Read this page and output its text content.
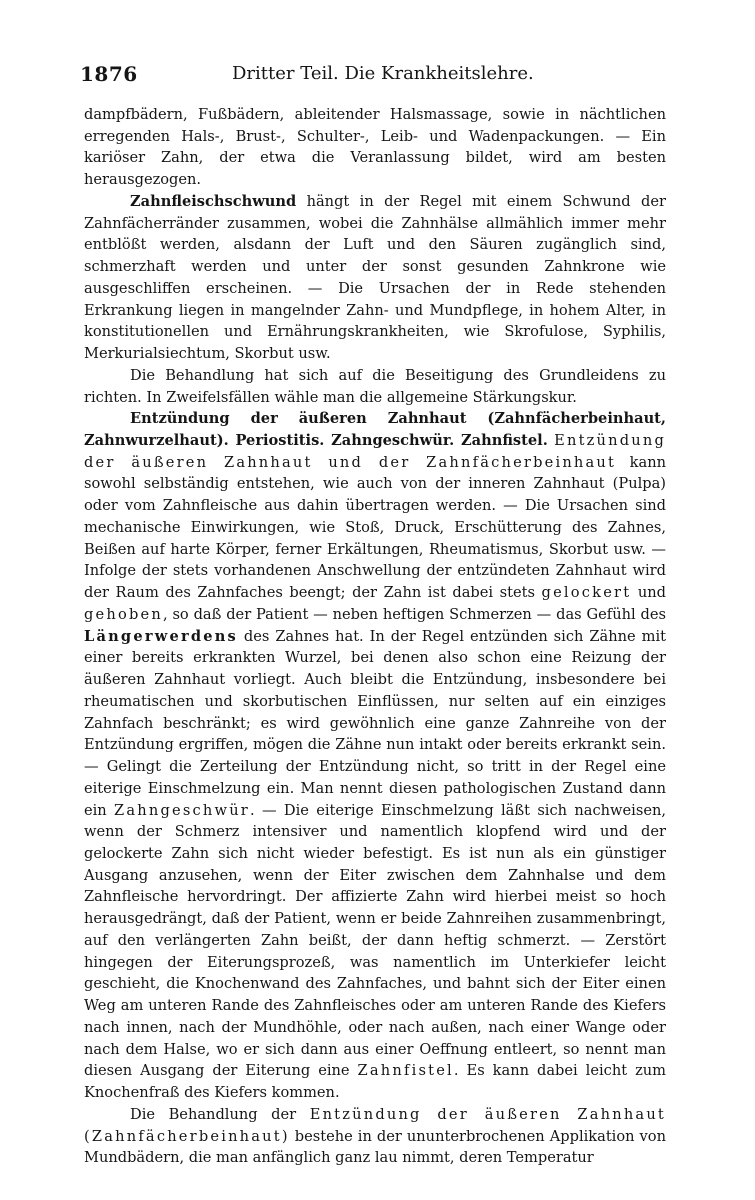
1876	Dritter Teil. Die Krankheitslehre.

dampfbädern, Fußbädern, ableitender Halsmassage, sowie in nächtlichen erregenden Hals-, Brust-, Schulter-, Leib- und Wadenpackungen. — Ein kariöser Zahn, der etwa die Veranlassung bildet, wird am besten herausgezogen.

Zahnfleischschwund hängt in der Regel mit einem Schwund der Zahnfächerränder zusammen, wobei die Zahnhälse allmählich immer mehr entblößt werden, alsdann der Luft und den Säuren zugänglich sind, schmerzhaft werden und unter der sonst gesunden Zahnkrone wie ausgeschliffen erscheinen. — Die Ursachen der in Rede stehenden Erkrankung liegen in mangelnder Zahn- und Mundpflege, in hohem Alter, in konstitutionellen und Ernährungskrankheiten, wie Skrofulose, Syphilis, Merkurialsiechtum, Skorbut usw.

Die Behandlung hat sich auf die Beseitigung des Grundleidens zu richten. In Zweifelsfällen wähle man die allgemeine Stärkungskur.

Entzündung der äußeren Zahnhaut (Zahnfächerbeinhaut, Zahnwurzelhaut). Periostitis. Zahngeschwür. Zahnfistel. Entzündung der äußeren Zahnhaut und der Zahnfächerbeinhaut kann sowohl selbständig entstehen, wie auch von der inneren Zahnhaut (Pulpa) oder vom Zahnfleische aus dahin übertragen werden. — Die Ursachen sind mechanische Einwirkungen, wie Stoß, Druck, Erschütterung des Zahnes, Beißen auf harte Körper, ferner Erkältungen, Rheumatismus, Skorbut usw. — Infolge der stets vorhandenen Anschwellung der entzündeten Zahnhaut wird der Raum des Zahnfaches beengt; der Zahn ist dabei stets gelockert und gehoben, so daß der Patient — neben heftigen Schmerzen — das Gefühl des Längerwerdens des Zahnes hat. In der Regel entzünden sich Zähne mit einer bereits erkrankten Wurzel, bei denen also schon eine Reizung der äußeren Zahnhaut vorliegt. Auch bleibt die Entzündung, insbesondere bei rheumatischen und skorbutischen Einflüssen, nur selten auf ein einziges Zahnfach beschränkt; es wird gewöhnlich eine ganze Zahnreihe von der Entzündung ergriffen, mögen die Zähne nun intakt oder bereits erkrankt sein. — Gelingt die Zerteilung der Entzündung nicht, so tritt in der Regel eine eiterige Einschmelzung ein. Man nennt diesen pathologischen Zustand dann ein Zahngeschwür. — Die eiterige Einschmelzung läßt sich nachweisen, wenn der Schmerz intensiver und namentlich klopfend wird und der gelockerte Zahn sich nicht wieder befestigt. Es ist nun als ein günstiger Ausgang anzusehen, wenn der Eiter zwischen dem Zahnhalse und dem Zahnfleische hervordringt. Der affizierte Zahn wird hierbei meist so hoch herausgedrängt, daß der Patient, wenn er beide Zahnreihen zusammenbringt, auf den verlängerten Zahn beißt, der dann heftig schmerzt. — Zerstört hingegen der Eiterungsprozeß, was namentlich im Unterkiefer leicht geschieht, die Knochenwand des Zahnfaches, und bahnt sich der Eiter einen Weg am unteren Rande des Zahnfleisches oder am unteren Rande des Kiefers nach innen, nach der Mundhöhle, oder nach außen, nach einer Wange oder nach dem Halse, wo er sich dann aus einer Oeffnung entleert, so nennt man diesen Ausgang der Eiterung eine Zahnfistel. Es kann dabei leicht zum Knochenfraß des Kiefers kommen.

Die Behandlung der Entzündung der äußeren Zahnhaut (Zahnfächerbeinhaut) bestehe in der ununterbrochenen Applikation von Mundbädern, die man anfänglich ganz lau nimmt, deren Temperatur
